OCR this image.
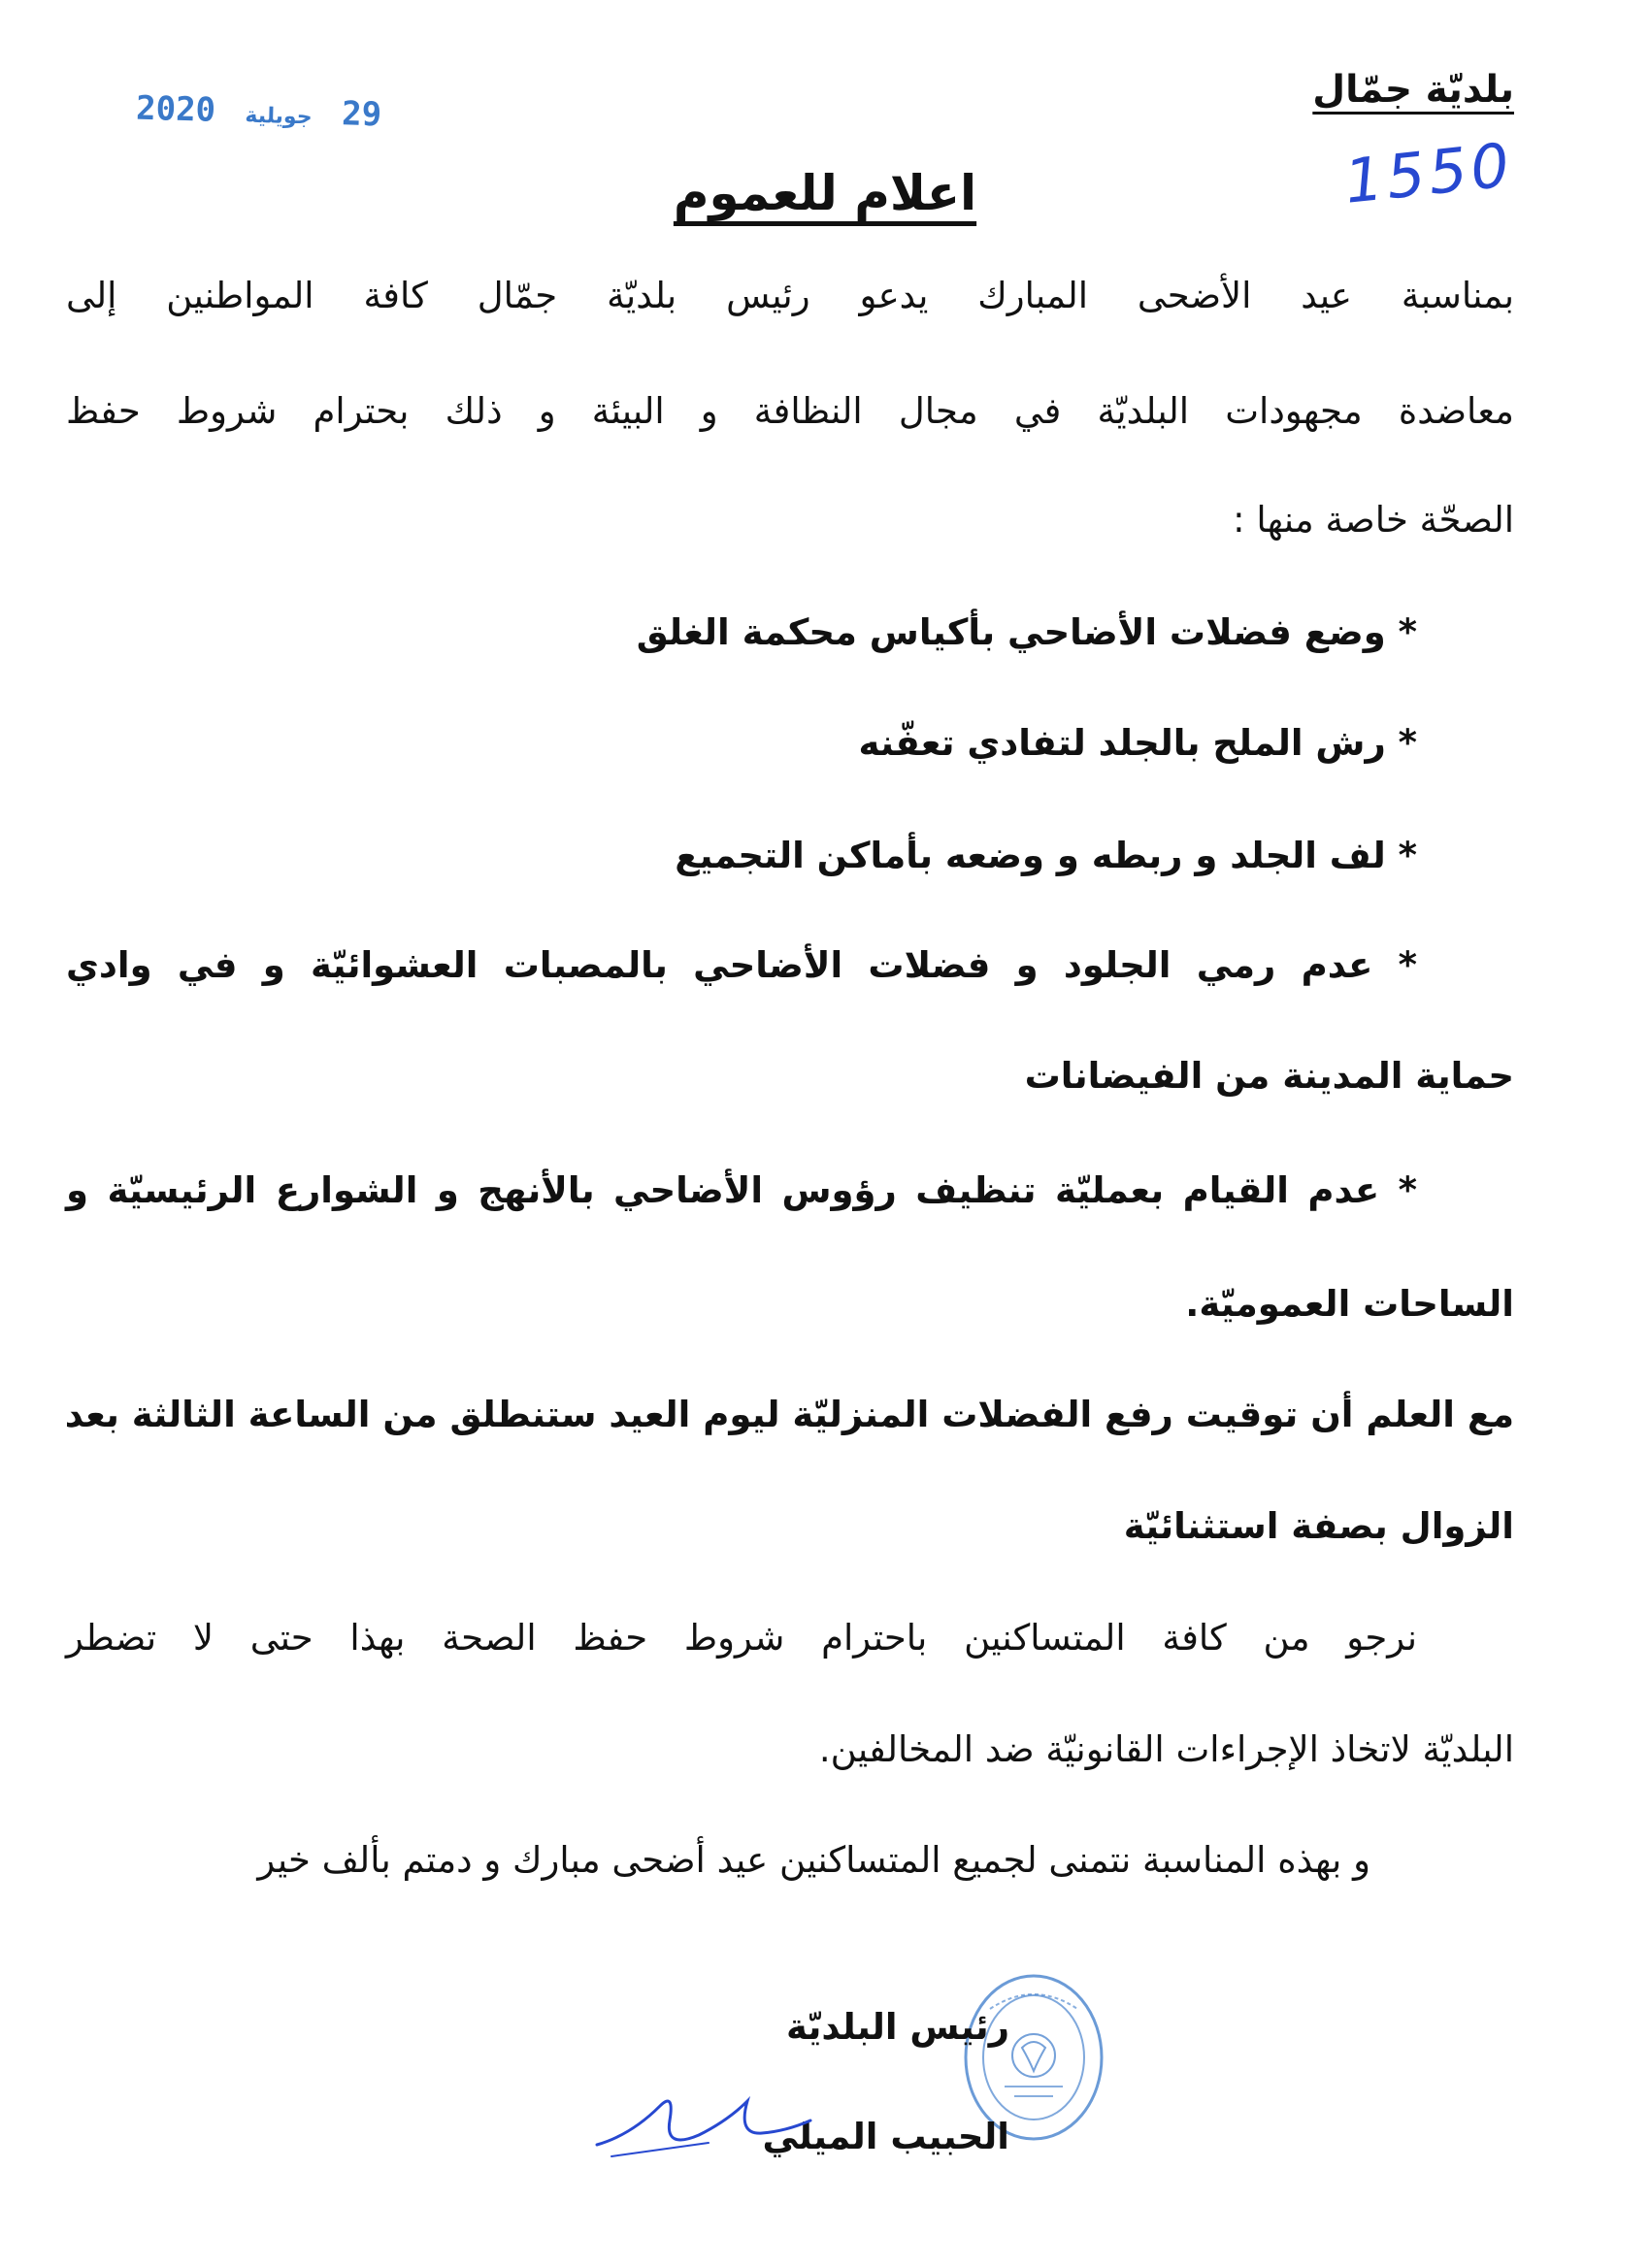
2020 جويلية 29
بلديّة جمّال
1550
اعلام للعموم
بمناسبة عيد الأضحى المبارك يدعو رئيس بلديّة جمّال كافة المواطنين إلى
معاضدة مجهودات البلديّة في مجال النظافة و البيئة و ذلك بحترام شروط حفظ
الصحّة خاصة منها :
* وضع فضلات الأضاحي بأكياس محكمة الغلق
* رش الملح بالجلد لتفادي تعفّنه
* لف الجلد و ربطه و وضعه بأماكن التجميع
* عدم رمي الجلود و فضلات الأضاحي بالمصبات العشوائيّة و في وادي
حماية المدينة من الفيضانات
* عدم القيام بعمليّة تنظيف رؤوس الأضاحي بالأنهج و الشوارع الرئيسيّة و
الساحات العموميّة.
مع العلم أن توقيت رفع الفضلات المنزليّة ليوم العيد ستنطلق من الساعة الثالثة بعد
الزوال بصفة استثنائيّة
نرجو من كافة المتساكنين باحترام شروط حفظ الصحة بهذا حتى لا تضطر
البلديّة لاتخاذ الإجراءات القانونيّة ضد المخالفين.
و بهذه المناسبة نتمنى لجميع المتساكنين عيد أضحى مبارك و دمتم بألف خير
رئيس البلديّة
الحبيب الميلي
